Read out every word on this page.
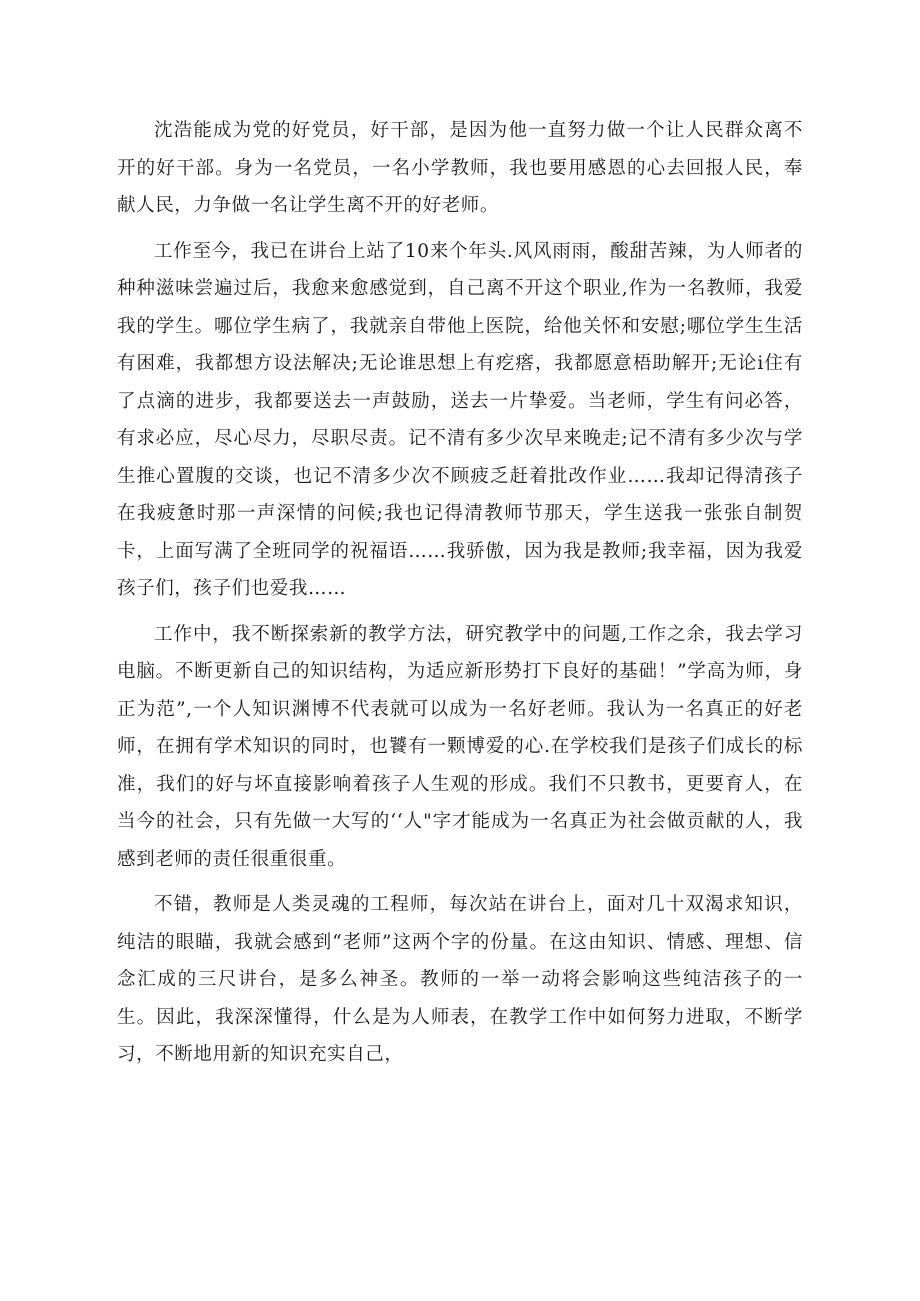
沈浩能成为党的好党员，好干部，是因为他一直努力做一个让人民群众离不开的好干部。身为一名党员，一名小学教师，我也要用感恩的心去回报人民，奉献人民，力争做一名让学生离不开的好老师。

工作至今，我已在讲台上站了10来个年头.风风雨雨，酸甜苦辣，为人师者的种种滋味尝遍过后，我愈来愈感觉到，自己离不开这个职业,作为一名教师，我爱我的学生。哪位学生病了，我就亲自带他上医院，给他关怀和安慰;哪位学生生活有困难，我都想方设法解决;无论谁思想上有疙瘩，我都愿意梧助解开;无论i住有了点滴的进步，我都要送去一声鼓励，送去一片挚爱。当老师，学生有问必答，有求必应，尽心尽力，尽职尽责。记不清有多少次早来晚走;记不清有多少次与学生推心置腹的交谈，也记不清多少次不顾疲乏赶着批改作业……我却记得清孩子在我疲惫时那一声深情的问候;我也记得清教师节那天，学生送我一张张自制贺卡，上面写满了全班同学的祝福语……我骄傲，因为我是教师;我幸福，因为我爱孩子们，孩子们也爱我……

工作中，我不断探索新的教学方法，研究教学中的问题,工作之余，我去学习电脑。不断更新自己的知识结构，为适应新形势打下良好的基础！”学高为师，身正为范”,一个人知识渊博不代表就可以成为一名好老师。我认为一名真正的好老师，在拥有学术知识的同时，也饕有一颗博爱的心.在学校我们是孩子们成长的标准，我们的好与坏直接影响着孩子人生观的形成。我们不只教书，更要育人，在当今的社会，只有先做一大写的‘‘人"字才能成为一名真正为社会做贡献的人，我感到老师的责任很重很重。

不错，教师是人类灵魂的工程师，每次站在讲台上，面对几十双渴求知识，纯洁的眼瞄，我就会感到“老师”这两个字的份量。在这由知识、情感、理想、信念汇成的三尺讲台，是多么神圣。教师的一举一动将会影响这些纯洁孩子的一生。因此，我深深懂得，什么是为人师表，在教学工作中如何努力进取，不断学习，不断地用新的知识充实自己，
